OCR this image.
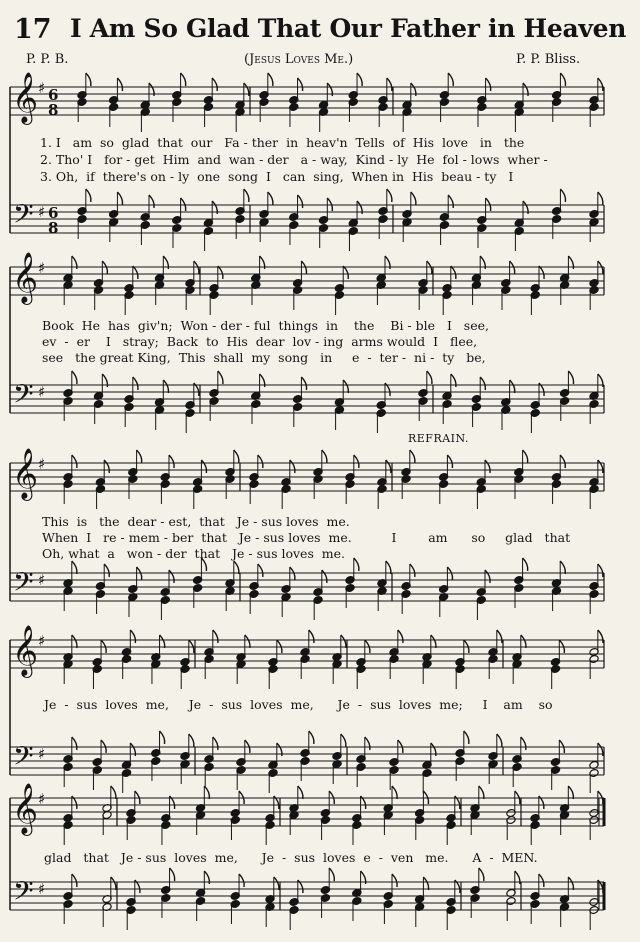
17 I Am So Glad That Our Father in Heaven
P. P. B.	(Jesus Loves Me.)	P. P. Bliss.
REFRAIN.
𝄞
𝄢
♯
♯
6
8
6
8
𝄞
𝄢
♯
♯
𝄞
𝄢
♯
♯
𝄞
𝄢
♯
♯
𝄞
𝄢
♯
♯
1. I   am  so  glad  that  our   Fa - ther  in  heav'n  Tells  of  His  love   in   the
2. Tho' I   for - get  Him  and  wan - der   a - way,  Kind - ly  He  fol - lows  wher -
3. Oh,  if  there's on - ly  one  song  I   can  sing,  When in  His  beau - ty   I
Book  He  has  giv'n;  Won - der - ful  things  in    the    Bi - ble   I   see,
ev  -  er    I   stray;  Back  to  His  dear  lov - ing  arms would  I   flee,
see   the great King,  This  shall  my  song   in     e  -  ter -  ni -  ty   be,
This  is   the  dear - est,  that   Je - sus loves  me.
When  I   re - mem - ber  that   Je - sus loves  me.          I        am      so     glad   that
Oh, what  a   won - der  that   Je - sus loves  me.
Je  -  sus  loves  me,     Je  -  sus  loves  me,      Je  -  sus  loves  me;     I    am    so
glad   that   Je - sus  loves  me,      Je  -  sus  loves  e  -  ven   me.      A  -  MEN.
